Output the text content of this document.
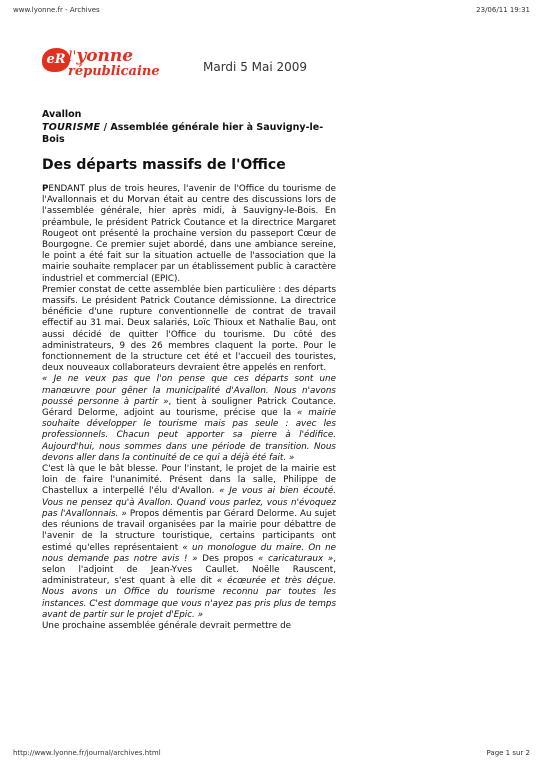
www.lyonne.fr - Archives	23/06/11 19:31
eR l'yonne
républicaine	Mardi 5 Mai 2009
Avallon
TOURISME / Assemblée générale hier à Sauvigny-le-Bois
Des départs massifs de l'Office

PENDANT plus de trois heures, l'avenir de l'Office du tourisme de l'Avallonnais et du Morvan était au centre des discussions lors de l'assemblée générale, hier après midi, à Sauvigny-le-Bois. En préambule, le président Patrick Coutance et la directrice Margaret Rougeot ont présenté la prochaine version du passeport Cœur de Bourgogne. Ce premier sujet abordé, dans une ambiance sereine, le point a été fait sur la situation actuelle de l'association que la mairie souhaite remplacer par un établissement public à caractère industriel et commercial (EPIC).

Premier constat de cette assemblée bien particulière : des départs massifs. Le président Patrick Coutance démissionne. La directrice bénéficie d'une rupture conventionnelle de contrat de travail effectif au 31 mai. Deux salariés, Loïc Thioux et Nathalie Bau, ont aussi décidé de quitter l'Office du tourisme. Du côté des administrateurs, 9 des 26 membres claquent la porte. Pour le fonctionnement de la structure cet été et l'accueil des touristes, deux nouveaux collaborateurs devraient être appelés en renfort.

« Je ne veux pas que l'on pense que ces départs sont une manœuvre pour gêner la municipalité d'Avallon. Nous n'avons poussé personne à partir », tient à souligner Patrick Coutance. Gérard Delorme, adjoint au tourisme, précise que la « mairie souhaite développer le tourisme mais pas seule : avec les professionnels. Chacun peut apporter sa pierre à l'édifice. Aujourd'hui, nous sommes dans une période de transition. Nous devons aller dans la continuité de ce qui a déjà été fait. »

C'est là que le bât blesse. Pour l'instant, le projet de la mairie est loin de faire l'unanimité. Présent dans la salle, Philippe de Chastellux a interpellé l'élu d'Avallon. « Je vous ai bien écouté. Vous ne pensez qu'à Avallon. Quand vous parlez, vous n'évoquez pas l'Avallonnais. » Propos démentis par Gérard Delorme. Au sujet des réunions de travail organisées par la mairie pour débattre de l'avenir de la structure touristique, certains participants ont estimé qu'elles représentaient « un monologue du maire. On ne nous demande pas notre avis ! » Des propos « caricaturaux », selon l'adjoint de Jean-Yves Caullet. Noëlle Rauscent, administrateur, s'est quant à elle dit « écœurée et très déçue. Nous avons un Office du tourisme reconnu par toutes les instances. C'est dommage que vous n'ayez pas pris plus de temps avant de partir sur le projet d'Epic. »

Une prochaine assemblée générale devrait permettre de

http://www.lyonne.fr/journal/archives.html	Page 1 sur 2
